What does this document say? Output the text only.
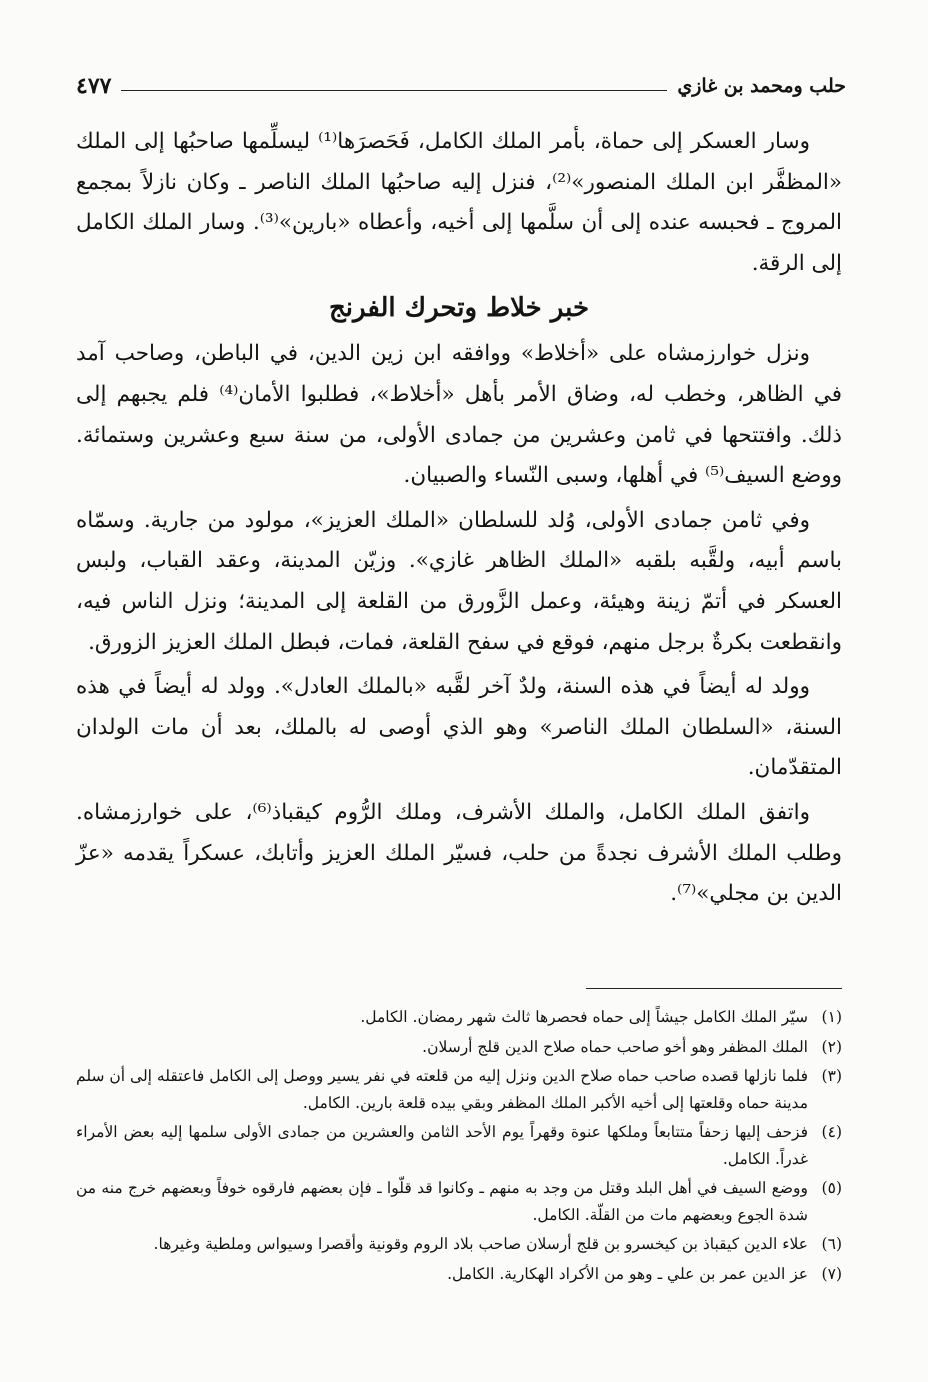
حلب ومحمد بن غازي
٤٧٧

وسار العسكر إلى حماة، بأمر الملك الكامل، فَحَصرَها⁽¹⁾ ليسلِّمها صاحبُها إلى الملك «المظفَّر ابن الملك المنصور»⁽²⁾، فنزل إليه صاحبُها الملك الناصر ـ وكان نازلاً بمجمع المروج ـ فحبسه عنده إلى أن سلَّمها إلى أخيه، وأعطاه «بارين»⁽³⁾. وسار الملك الكامل إلى الرقة.

خبر خلاط وتحرك الفرنج

ونزل خوارزمشاه على «أخلاط» ووافقه ابن زين الدين، في الباطن، وصاحب آمد في الظاهر، وخطب له، وضاق الأمر بأهل «أخلاط»، فطلبوا الأمان⁽⁴⁾ فلم يجبهم إلى ذلك. وافتتحها في ثامن وعشرين من جمادى الأولى، من سنة سبع وعشرين وستمائة. ووضع السيف⁽⁵⁾ في أهلها، وسبى النّساء والصبيان.

وفي ثامن جمادى الأولى، وُلد للسلطان «الملك العزيز»، مولود من جارية. وسمّاه باسم أبيه، ولقَّبه بلقبه «الملك الظاهر غازي». وزيّن المدينة، وعقد القباب، ولبس العسكر في أتمّ زينة وهيئة، وعمل الزَّورق من القلعة إلى المدينة؛ ونزل الناس فيه، وانقطعت بكرةٌ برجل منهم، فوقع في سفح القلعة، فمات، فبطل الملك العزيز الزورق.

وولد له أيضاً في هذه السنة، ولدٌ آخر لقَّبه «بالملك العادل». وولد له أيضاً في هذه السنة، «السلطان الملك الناصر» وهو الذي أوصى له بالملك، بعد أن مات الولدان المتقدّمان.

واتفق الملك الكامل، والملك الأشرف، وملك الرُّوم كيقباذ⁽⁶⁾، على خوارزمشاه. وطلب الملك الأشرف نجدةً من حلب، فسيّر الملك العزيز وأتابك، عسكراً يقدمه «عزّ الدين بن مجلي»⁽⁷⁾.

(١)
سيّر الملك الكامل جيشاً إلى حماه فحصرها ثالث شهر رمضان. الكامل.
(٢)
الملك المظفر وهو أخو صاحب حماه صلاح الدين قلج أرسلان.
(٣)
فلما نازلها قصده صاحب حماه صلاح الدين ونزل إليه من قلعته في نفر يسير ووصل إلى الكامل فاعتقله إلى أن سلم مدينة حماه وقلعتها إلى أخيه الأكبر الملك المظفر وبقي بيده قلعة بارين. الكامل.
(٤)
فزحف إليها زحفاً متتابعاً وملكها عنوة وقهراً يوم الأحد الثامن والعشرين من جمادى الأولى سلمها إليه بعض الأمراء غدراً. الكامل.
(٥)
ووضع السيف في أهل البلد وقتل من وجد به منهم ـ وكانوا قد قلّوا ـ فإن بعضهم فارقوه خوفاً وبعضهم خرج منه من شدة الجوع وبعضهم مات من القلّة. الكامل.
(٦)
علاء الدين كيقباذ بن كيخسرو بن قلج أرسلان صاحب بلاد الروم وقونية وأقصرا وسيواس وملطية وغيرها.
(٧)
عز الدين عمر بن علي ـ وهو من الأكراد الهكارية. الكامل.
